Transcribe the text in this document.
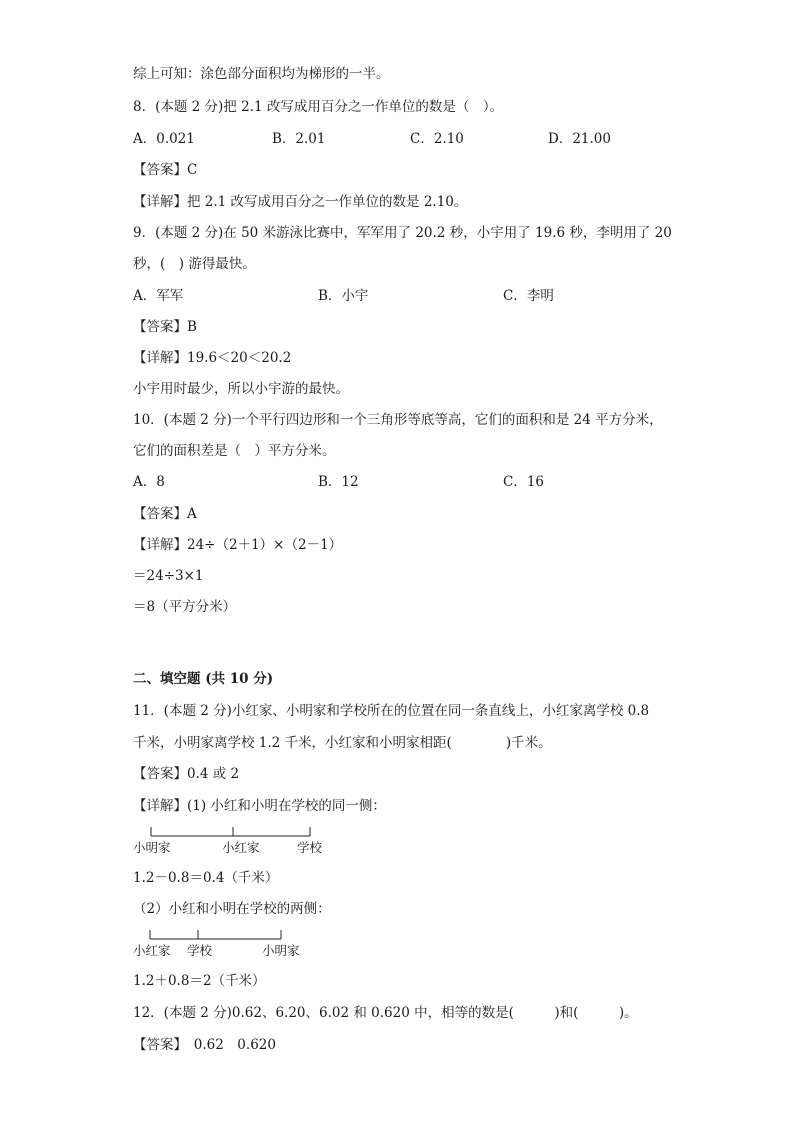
综上可知：涂色部分面积均为梯形的一半。
8．(本题 2 分)把 2.1 改写成用百分之一作单位的数是（　）。
A．0.021	B．2.01	C．2.10	D．21.00
【答案】C
【详解】把 2.1 改写成用百分之一作单位的数是 2.10。
9．(本题 2 分)在 50 米游泳比赛中，军军用了 20.2 秒，小宇用了 19.6 秒，李明用了 20
秒，(　) 游得最快。
A．军军	B．小宇	C．李明
【答案】B
【详解】19.6＜20＜20.2
小宇用时最少，所以小宇游的最快。
10．(本题 2 分)一个平行四边形和一个三角形等底等高，它们的面积和是 24 平方分米，
它们的面积差是（　）平方分米。
A．8	B．12	C．16
【答案】A
【详解】24÷（2＋1）×（2－1）
＝24÷3×1
＝8（平方分米）
二、填空题 (共 10 分)
11．(本题 2 分)小红家、小明家和学校所在的位置在同一条直线上，小红家离学校 0.8
千米，小明家离学校 1.2 千米，小红家和小明家相距(　　　　)千米。
【答案】0.4 或 2
【详解】(1) 小红和小明在学校的同一侧：
小明家	小红家	学校
1.2－0.8＝0.4（千米）
（2）小红和小明在学校的两侧：
小红家 学校	小明家
1.2＋0.8＝2（千米）
12．(本题 2 分)0.62、6.20、6.02 和 0.620 中，相等的数是(　　　)和(　　　)。
【答案】　0.62　0.620
